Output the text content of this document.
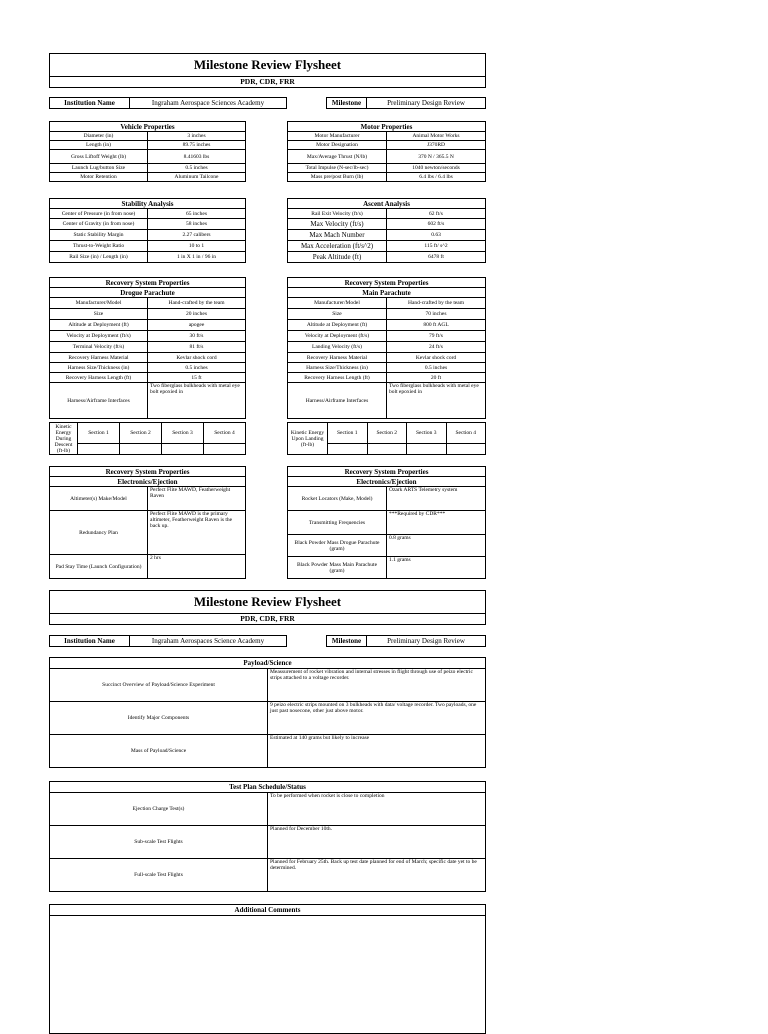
Milestone Review Flysheet
PDR, CDR, FRR
Institution Name	Ingraham Aerospace Sciences Academy	Milestone	Preliminary Design Review
Vehicle Properties	
Diameter (in)	3 inches
Length (in)	89.75 inches
Gross Liftoff Weight (lb)	8.41603 lbs
Launch Lug/button Size	0.5 inches
Motor Retention	Aluminum Tailcone
Motor Properties	
Motor Manufacturer	Animal Motor Works
Motor Designation	J370RD
Max/Average Thrust (N/lb)	370 N / 365.5 N
Total Impulse (N-sec/lb-sec)	1040 newton/seconds
Mass pre/post Burn (lb)	6.4 lbs / 6.4 lbs
Stability Analysis	
Center of Pressure (in from nose)	65 inches
Center of Gravity (in from nose)	58 inches
Static Stability Margin	2.27 calibers
Thrust-to-Weight Ratio	10 to 1
Rail Size (in) / Length (in)	1 in X 1 in / 96 in
Ascent Analysis	
Rail Exit Velocity (ft/s)	62 ft/s
Max Velocity (ft/s)	602 ft/s
Max Mach Number	0.63
Max Acceleration (ft/s^2)	115 ft/ s^2
Peak Altitude (ft)	6478 ft
Recovery System Properties	
Drogue Parachute	
Manufacturer/Model	Hand-crafted by the team
Size	20 inches
Altitude at Deployment (ft)	apogee
Velocity at Deployment (ft/s)	30 ft/s
Terminal Velocity (ft/s)	81 ft/s
Recovery Harness Material	Kevlar shock cord
Harness Size/Thickness (in)	0.5 inches
Recovery Harness Length (ft)	15 ft
Harness/Airframe Interfaces	Two fiberglass bulkheads with metal eye bolt epoxied in
Kinetic Energy During Descent (ft-lb)	Section 1	Section 2	Section 3	Section 4

Recovery System Properties	
Main Parachute	
Manufacturer/Model	Hand-crafted by the team
Size	70 inches
Altitude at Deployment (ft)	800 ft AGL
Velocity at Deployment (ft/s)	79 ft/s
Landing Velocity (ft/s)	24 ft/s
Recovery Harness Material	Kevlar shock cord
Harness Size/Thickness (in)	0.5 inches
Recovery Harness Length (ft)	20 ft
Harness/Airframe Interfaces	Two fiberglass bulkheads with metal eye bolt epoxied in
Kinetic Energy Upon Landing (ft-lb)	Section 1	Section 2	Section 3	Section 4

Recovery System Properties	
Electronics/Ejection	
Altimeter(s) Make/Model	Perfect Flite MAWD, Featherweight Raven
Redundancy Plan	Perfect Flite MAWD is the primary altimeter, Featherweight Raven is the back up.
Pad Stay Time (Launch Configuration)	2 hrs
Recovery System Properties	
Electronics/Ejection	
Rocket Locators (Make, Model)	Ozark ARTS Telemetry system
Transmitting Frequencies	***Required by CDR***
Black Powder Mass Drogue Parachute (gram)	0.8 grams
Black Powder Mass Main Parachute (gram)	1.1 grams
Milestone Review Flysheet
PDR, CDR, FRR
Institution Name	Ingraham Aerospaces Science Academy	Milestone	Preliminary Design Review
Payload/Science	
Succinct Overview of Payload/Science Experiment	Meassurement of rocket vibration and internal stresses in flight through use of peizo electric strips attached to a voltage recorder.
Identify Major Components	9 peizo electric strips mounted on 3 bulkheads with data/ voltage recorder. Two payloads, one just past nosecone, other just above motor.
Mass of Payload/Science	Estimated at 140 grams but likely to increase
Test Plan Schedule/Status	
Ejection Charge Test(s)	To be performed when rocket is close to completion
Sub-scale Test Flights	Planned for December 10th.
Full-scale Test Flights	Planned for February 25th. Back up test date planned for end of March; specific date yet to be determined.
Additional Comments
